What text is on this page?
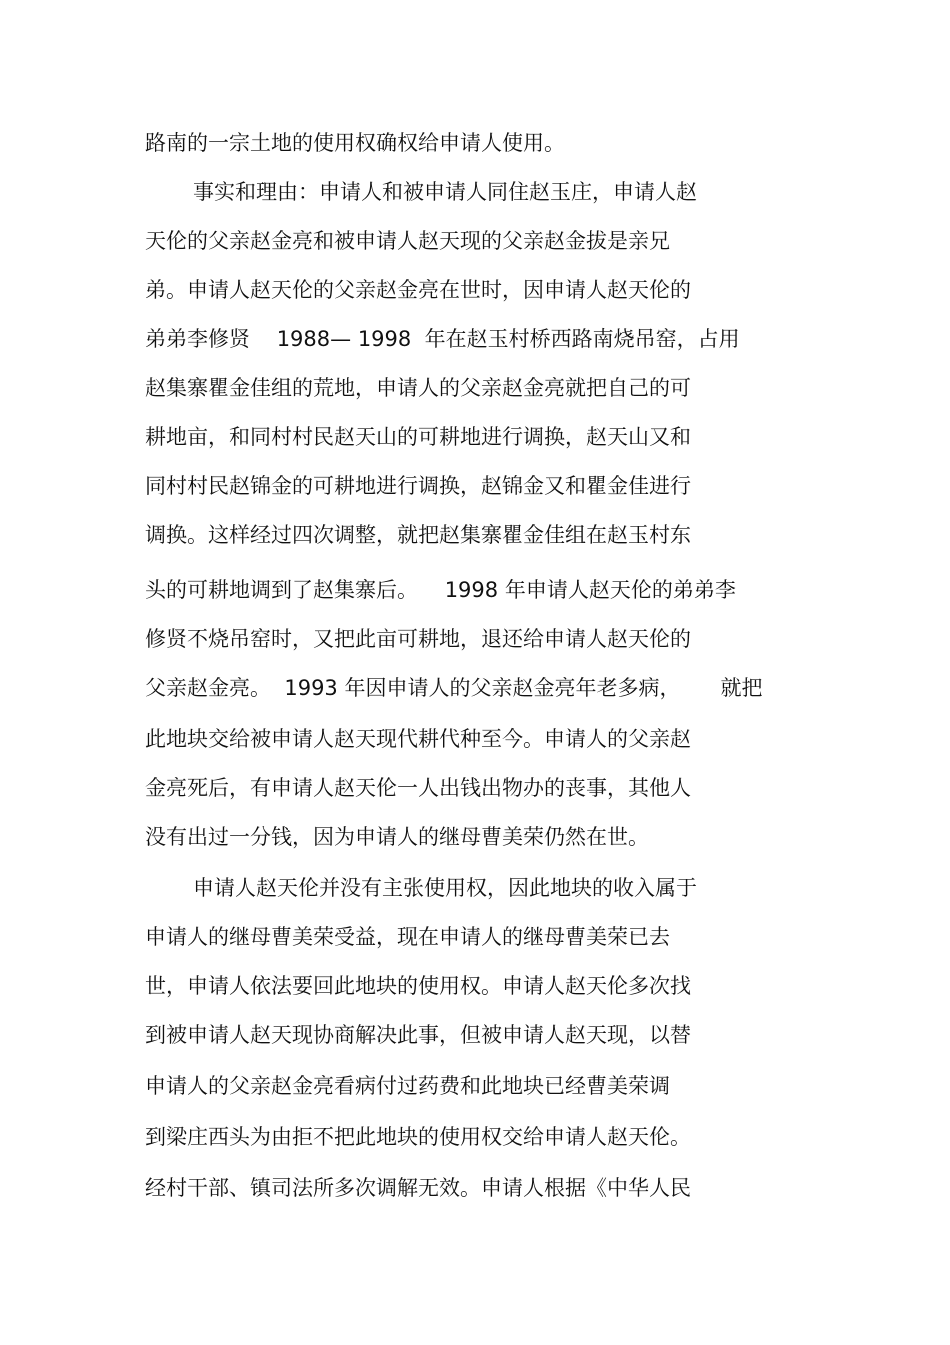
路南的一宗土地的使用权确权给申请人使用。
事实和理由：申请人和被申请人同住赵玉庄，申请人赵
天伦的父亲赵金亮和被申请人赵天现的父亲赵金拔是亲兄
弟。申请人赵天伦的父亲赵金亮在世时，因申请人赵天伦的
弟弟李修贤    1988— 1998  年在赵玉村桥西路南烧吊窑，占用
赵集寨瞿金佳组的荒地，申请人的父亲赵金亮就把自己的可
耕地亩，和同村村民赵天山的可耕地进行调换，赵天山又和
同村村民赵锦金的可耕地进行调换，赵锦金又和瞿金佳进行
调换。这样经过四次调整，就把赵集寨瞿金佳组在赵玉村东
头的可耕地调到了赵集寨后。    1998 年申请人赵天伦的弟弟李
修贤不烧吊窑时，又把此亩可耕地，退还给申请人赵天伦的
父亲赵金亮。  1993 年因申请人的父亲赵金亮年老多病，      就把
此地块交给被申请人赵天现代耕代种至今。申请人的父亲赵
金亮死后，有申请人赵天伦一人出钱出物办的丧事，其他人
没有出过一分钱，因为申请人的继母曹美荣仍然在世。
申请人赵天伦并没有主张使用权，因此地块的收入属于
申请人的继母曹美荣受益，现在申请人的继母曹美荣已去
世，申请人依法要回此地块的使用权。申请人赵天伦多次找
到被申请人赵天现协商解决此事，但被申请人赵天现，以替
申请人的父亲赵金亮看病付过药费和此地块已经曹美荣调
到梁庄西头为由拒不把此地块的使用权交给申请人赵天伦。
经村干部、镇司法所多次调解无效。申请人根据《中华人民
